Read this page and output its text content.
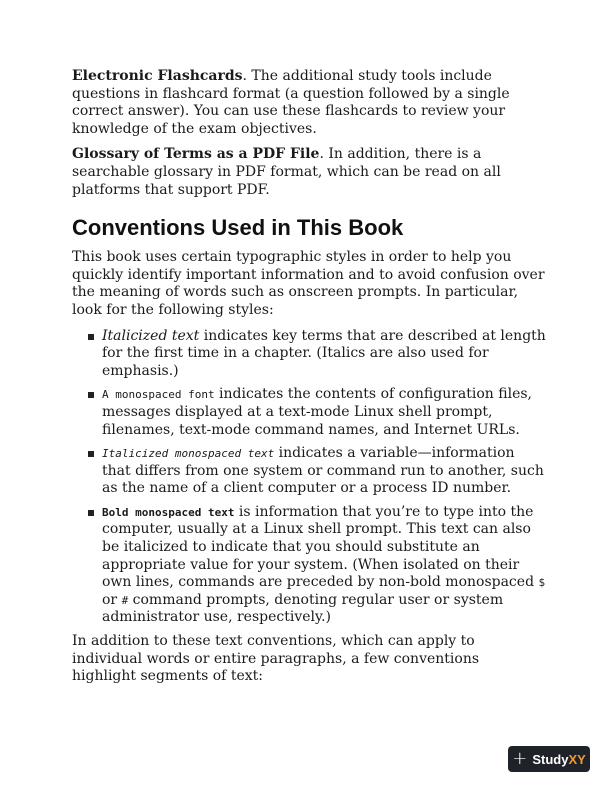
Electronic Flashcards. The additional study tools include questions in flashcard format (a question followed by a single correct answer). You can use these flashcards to review your knowledge of the exam objectives.

Glossary of Terms as a PDF File. In addition, there is a searchable glossary in PDF format, which can be read on all platforms that support PDF.

Conventions Used in This Book

This book uses certain typographic styles in order to help you quickly identify important information and to avoid confusion over the meaning of words such as onscreen prompts. In particular, look for the following styles:

Italicized text indicates key terms that are described at length for the first time in a chapter. (Italics are also used for emphasis.)
A monospaced font indicates the contents of configuration files, messages displayed at a text-mode Linux shell prompt, filenames, text-mode command names, and Internet URLs.
Italicized monospaced text indicates a variable—information that differs from one system or command run to another, such as the name of a client computer or a process ID number.
Bold monospaced text is information that you’re to type into the computer, usually at a Linux shell prompt. This text can also be italicized to indicate that you should substitute an appropriate value for your system. (When isolated on their own lines, commands are preceded by non-bold monospaced $ or # command prompts, denoting regular user or system administrator use, respectively.)

In addition to these text conventions, which can apply to individual words or entire paragraphs, a few conventions highlight segments of text:

+ StudyXY
